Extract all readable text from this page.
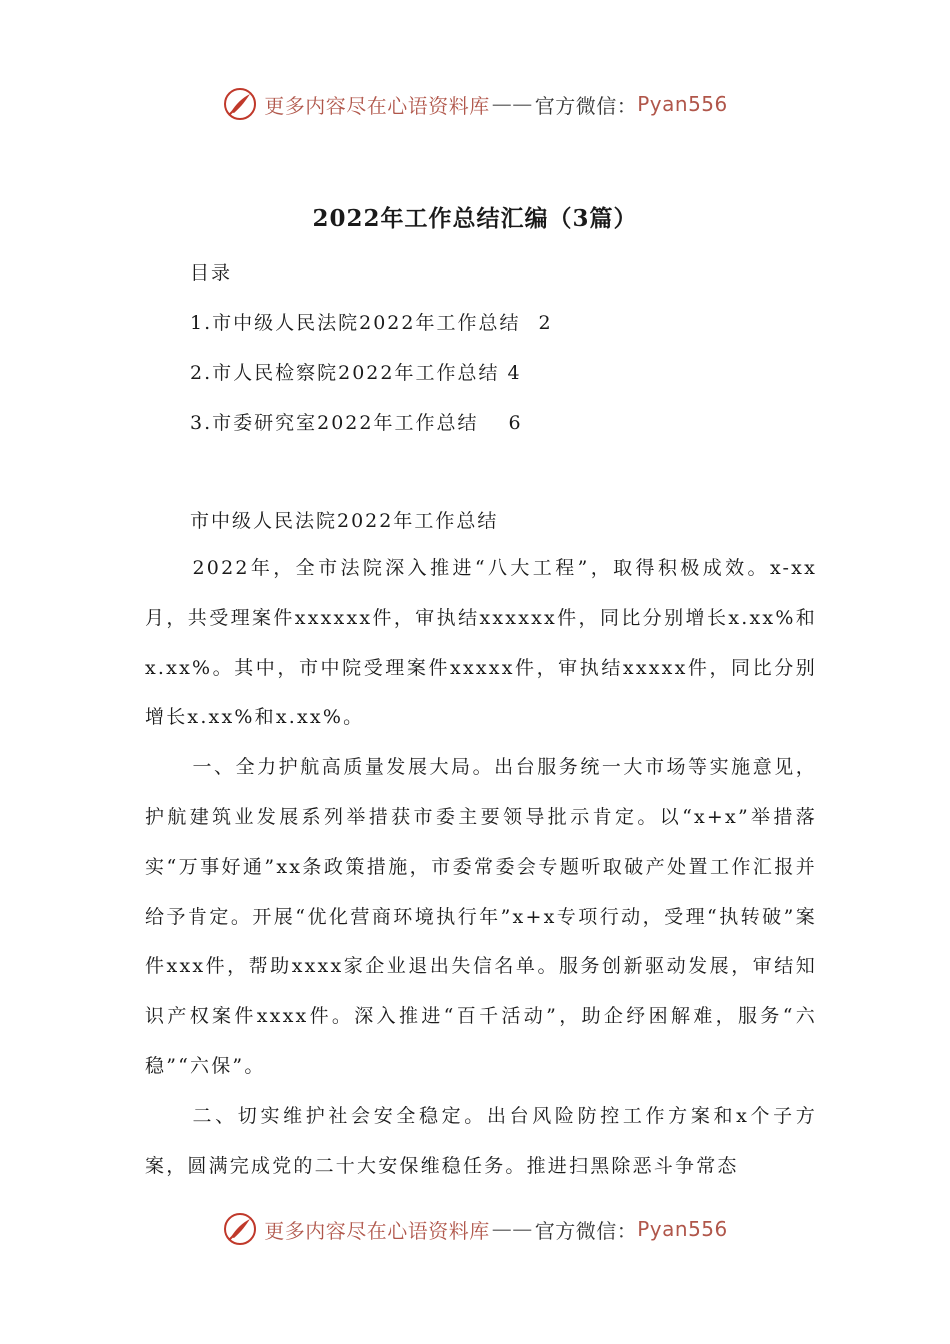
更多内容尽在心语资料库 —— 官方微信： Pyan556
2022年工作总结汇编（3篇）
目录
1.市中级人民法院2022年工作总结 2
2.市人民检察院2022年工作总结 4
3.市委研究室2022年工作总结 6
市中级人民法院2022年工作总结

2022年，全市法院深入推进“八大工程”，取得积极成效。x-xx月，共受理案件xxxxxx件，审执结xxxxxx件，同比分别增长x.xx%和x.xx%。其中，市中院受理案件xxxxx件，审执结xxxxx件，同比分别增长x.xx%和x.xx%。

一、全力护航高质量发展大局。出台服务统一大市场等实施意见，护航建筑业发展系列举措获市委主要领导批示肯定。以“x+x”举措落实“万事好通”xx条政策措施，市委常委会专题听取破产处置工作汇报并给予肯定。开展“优化营商环境执行年”x+x专项行动，受理“执转破”案件xxx件，帮助xxxx家企业退出失信名单。服务创新驱动发展，审结知识产权案件xxxx件。深入推进“百千活动”，助企纾困解难，服务“六稳”“六保”。

二、切实维护社会安全稳定。出台风险防控工作方案和x个子方案，圆满完成党的二十大安保维稳任务。推进扫黑除恶斗争常态

更多内容尽在心语资料库 —— 官方微信： Pyan556
